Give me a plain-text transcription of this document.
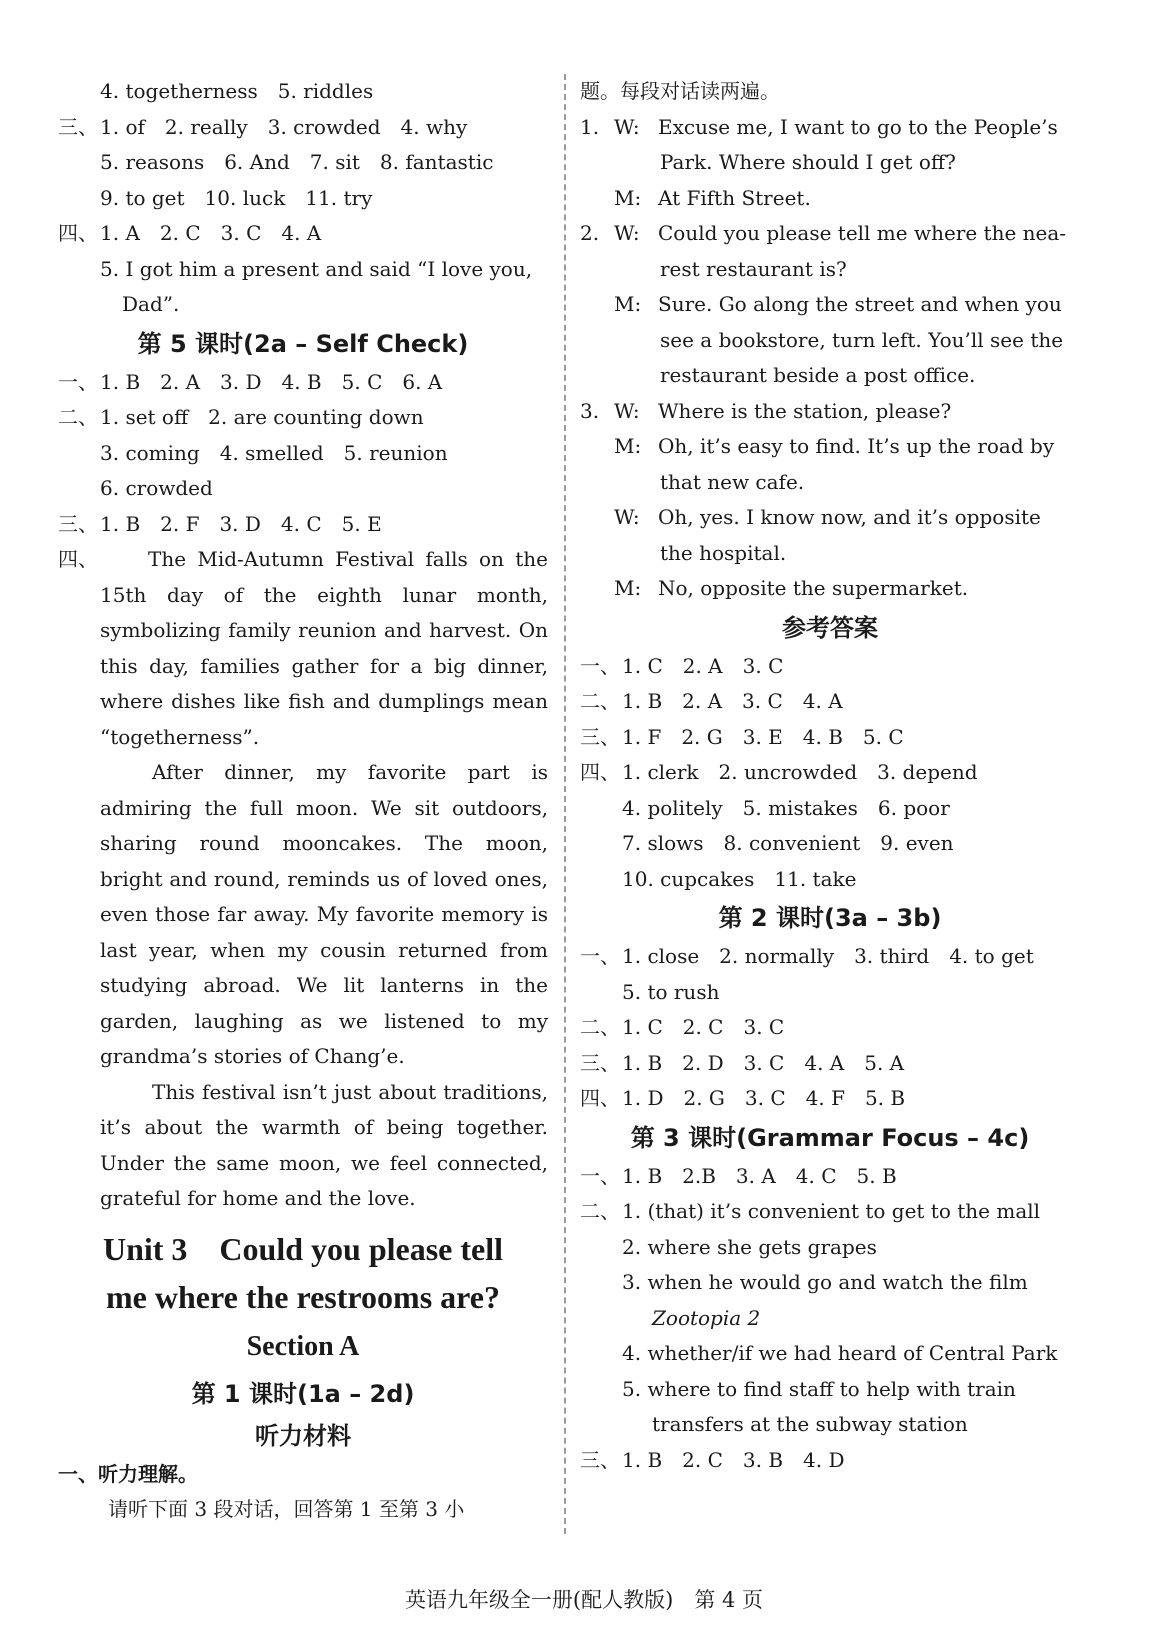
4. togetherness　5. riddles
三、 1. of　2. really　3. crowded　4. why
5. reasons　6. And　7. sit　8. fantastic
9. to get　10. luck　11. try
四、 1. A　2. C　3. C　4. A
5. I got him a present and said “I love you,
Dad”.
第 5 课时(2a – Self Check)
一、 1. B　2. A　3. D　4. B　5. C　6. A
二、 1. set off　2. are counting down
3. coming　4. smelled　5. reunion
6. crowded
三、 1. B　2. F　3. D　4. C　5. E
四、	The Mid-Autumn Festival falls on the 15th day of the eighth lunar month, symbolizing family reunion and harvest. On this day, families gather for a big dinner, where dishes like fish and dumplings mean “togetherness”.
After dinner, my favorite part is admiring the full moon. We sit outdoors, sharing round mooncakes. The moon, bright and round, reminds us of loved ones, even those far away. My favorite memory is last year, when my cousin returned from studying abroad. We lit lanterns in the garden, laughing as we listened to my grandma’s stories of Chang’e.
This festival isn’t just about traditions, it’s about the warmth of being together. Under the same moon, we feel connected, grateful for home and the love.
Unit 3　Could you please tell
me where the restrooms are?
Section A
第 1 课时(1a – 2d)
听力材料
一、听力理解。
请听下面 3 段对话，回答第 1 至第 3 小
题。每段对话读两遍。
1. W: Excuse me, I want to go to the People’s
Park. Where should I get off?
M: At Fifth Street.
2. W: Could you please tell me where the nea-
rest restaurant is?
M: Sure. Go along the street and when you
see a bookstore, turn left. You’ll see the
restaurant beside a post office.
3. W: Where is the station, please?
M: Oh, it’s easy to find. It’s up the road by
that new cafe.
W: Oh, yes. I know now, and it’s opposite
the hospital.
M: No, opposite the supermarket.
参考答案
一、 1. C　2. A　3. C
二、 1. B　2. A　3. C　4. A
三、 1. F　2. G　3. E　4. B　5. C
四、 1. clerk　2. uncrowded　3. depend
4. politely　5. mistakes　6. poor
7. slows　8. convenient　9. even
10. cupcakes　11. take
第 2 课时(3a – 3b)
一、 1. close　2. normally　3. third　4. to get
5. to rush
二、 1. C　2. C　3. C
三、 1. B　2. D　3. C　4. A　5. A
四、 1. D　2. G　3. C　4. F　5. B
第 3 课时(Grammar Focus – 4c)
一、 1. B　2.B　3. A　4. C　5. B
二、 1. (that) it’s convenient to get to the mall
2. where she gets grapes
3. when he would go and watch the film
Zootopia 2
4. whether/if we had heard of Central Park
5. where to find staff to help with train
transfers at the subway station
三、 1. B　2. C　3. B　4. D
英语九年级全一册(配人教版)　第 4 页
